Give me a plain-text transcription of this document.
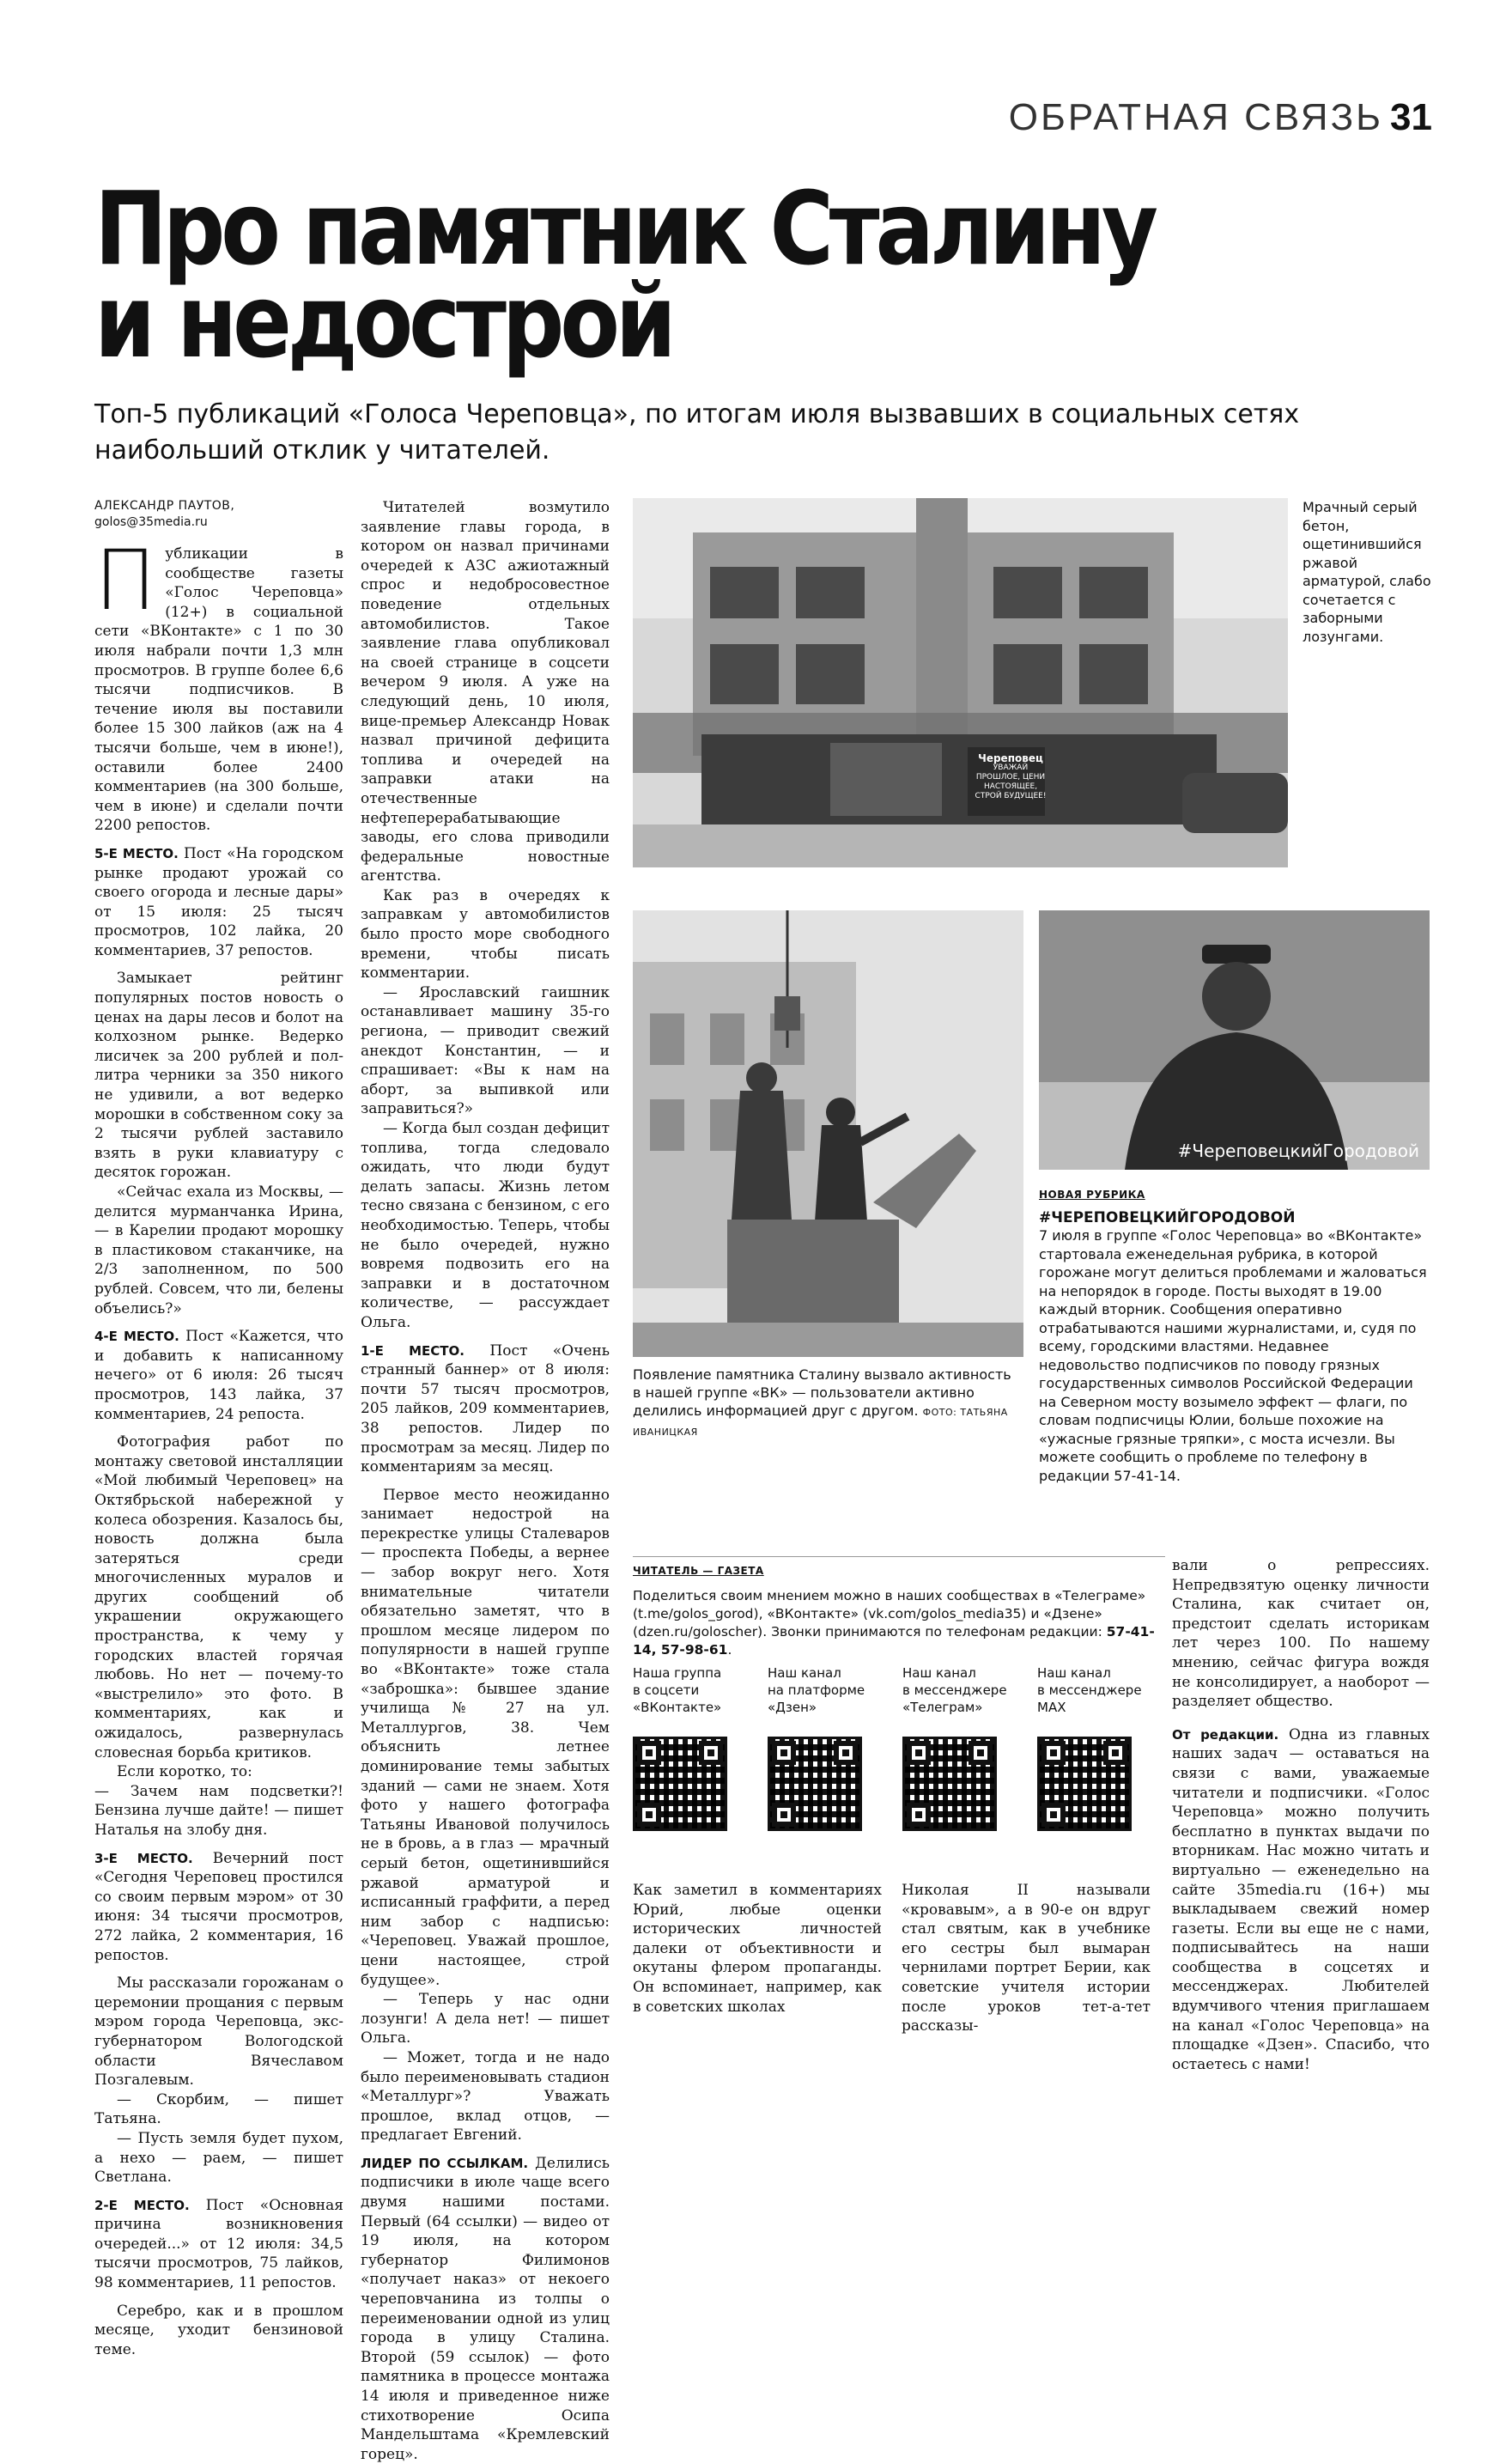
ОБРАТНАЯ СВЯЗЬ 31
Про памятник Сталину
и недострой
Топ-5 публикаций «Голоса Череповца», по итогам июля вызвавших в социальных сетях наибольший отклик у читателей.
АЛЕКСАНДР ПАУТОВ,
golos@35media.ru

Публикации в сообществе газеты «Голос Череповца» (12+) в социальной сети «ВКонтакте» с 1 по 30 июля набрали почти 1,3 млн просмотров. В группе более 6,6 тысячи подписчиков. В течение июля вы поставили более 15 300 лайков (аж на 4 тысячи больше, чем в июне!), оставили более 2400 комментариев (на 300 больше, чем в июне) и сделали почти 2200 репостов.

5-Е МЕСТО. Пост «На городском рынке продают урожай со своего огорода и лесные дары» от 15 июля: 25 тысяч просмотров, 102 лайка, 20 комментариев, 37 репостов.

Замыкает рейтинг популярных постов новость о ценах на дары лесов и болот на колхозном рынке. Ведерко лисичек за 200 рублей и пол-литра черники за 350 никого не удивили, а вот ведерко морошки в собственном соку за 2 тысячи рублей заставило взять в руки клавиатуру с десяток горожан.

«Сейчас ехала из Москвы, — делится мурманчанка Ирина, — в Карелии продают морошку в пластиковом стаканчике, на 2/3 заполненном, по 500 рублей. Совсем, что ли, белены объелись?»

4-Е МЕСТО. Пост «Кажется, что и добавить к написанному нечего» от 6 июля: 26 тысяч просмотров, 143 лайка, 37 комментариев, 24 репоста.

Фотография работ по монтажу световой инсталляции «Мой любимый Череповец» на Октябрьской набережной у колеса обозрения. Казалось бы, новость должна была затеряться среди многочисленных муралов и других сообщений об украшении окружающего пространства, к чему у городских властей горячая любовь. Но нет — почему-то «выстрелило» это фото. В комментариях, как и ожидалось, развернулась словесная борьба критиков.

Если коротко, то:

— Зачем нам подсветки?! Бензина лучше дайте! — пишет Наталья на злобу дня.

3-Е МЕСТО. Вечерний пост «Сегодня Череповец простился со своим первым мэром» от 30 июня: 34 тысячи просмотров, 272 лайка, 2 комментария, 16 репостов.

Мы рассказали горожанам о церемонии прощания с первым мэром города Череповца, экс-губернатором Вологодской области Вячеславом Позгалевым.

— Скорбим, — пишет Татьяна.

— Пусть земля будет пухом, а нехо — раем, — пишет Светлана.

2-Е МЕСТО. Пост «Основная причина возникновения очередей...» от 12 июля: 34,5 тысячи просмотров, 75 лайков, 98 комментариев, 11 репостов.

Серебро, как и в прошлом месяце, уходит бензиновой теме.

Читателей возмутило заявление главы города, в котором он назвал причинами очередей к АЗС ажиотажный спрос и недобросовестное поведение отдельных автомобилистов. Такое заявление глава опубликовал на своей странице в соцсети вечером 9 июля. А уже на следующий день, 10 июля, вице-премьер Александр Новак назвал причиной дефицита топлива и очередей на заправки атаки на отечественные нефтеперерабатывающие заводы, его слова приводили федеральные новостные агентства.

Как раз в очередях к заправкам у автомобилистов было просто море свободного времени, чтобы писать комментарии.

— Ярославский гаишник останавливает машину 35-го региона, — приводит свежий анекдот Константин, — и спрашивает: «Вы к нам на аборт, за выпивкой или заправиться?»

— Когда был создан дефицит топлива, тогда следовало ожидать, что люди будут делать запасы. Жизнь летом тесно связана с бензином, с его необходимостью. Теперь, чтобы не было очередей, нужно вовремя подвозить его на заправки и в достаточном количестве, — рассуждает Ольга.

1-Е МЕСТО. Пост «Очень странный баннер» от 8 июля: почти 57 тысяч просмотров, 205 лайков, 209 комментариев, 38 репостов. Лидер по просмотрам за месяц. Лидер по комментариям за месяц.

Первое место неожиданно занимает недострой на перекрестке улицы Сталеваров — проспекта Победы, а вернее — забор вокруг него. Хотя внимательные читатели обязательно заметят, что в прошлом месяце лидером по популярности в нашей группе во «ВКонтакте» тоже стала «заброшка»: бывшее здание училища № 27 на ул. Металлургов, 38. Чем объяснить летнее доминирование темы забытых зданий — сами не знаем. Хотя фото у нашего фотографа Татьяны Ивановой получилось не в бровь, а в глаз — мрачный серый бетон, ощетинившийся ржавой арматурой и исписанный граффити, а перед ним забор с надписью: «Череповец. Уважай прошлое, цени настоящее, строй будущее».

— Теперь у нас одни лозунги! А дела нет! — пишет Ольга.

— Может, тогда и не надо было переименовывать стадион «Металлург»? Уважать прошлое, вклад отцов, — предлагает Евгений.

ЛИДЕР ПО ССЫЛКАМ. Делились подписчики в июле чаще всего двумя нашими постами. Первый (64 ссылки) — видео от 19 июля, на котором губернатор Филимонов «получает наказ» от некоего череповчанина из толпы о переименовании одной из улиц города в улицу Сталина. Второй (59 ссылок) — фото памятника в процессе монтажа 14 июля и приведенное ниже стихотворение Осипа Мандельштама «Кремлевский горец».

Череповец
УВАЖАЙ ПРОШЛОЕ, ЦЕНИ НАСТОЯЩЕЕ, СТРОЙ БУДУЩЕЕ!
Мрачный серый бетон, ощетинившийся ржавой арматурой, слабо сочетается с заборными лозунгами.
Появление памятника Сталину вызвало активность в нашей группе «ВК» — пользователи активно делились информацией друг с другом. ФОТО: ТАТЬЯНА ИВАНИЦКАЯ
#ЧереповецкийГородовой
НОВАЯ РУБРИКА
#ЧЕРЕПОВЕЦКИЙГОРОДОВОЙ
7 июля в группе «Голос Череповца» во «ВКонтакте» стартовала еженедельная рубрика, в которой горожане могут делиться проблемами и жаловаться на непорядок в городе. Посты выходят в 19.00 каждый вторник. Сообщения оперативно отрабатываются нашими журналистами, и, судя по всему, городскими властями. Недавнее недовольство подписчиков по поводу грязных государственных символов Российской Федерации на Северном мосту возымело эффект — флаги, по словам подписчицы Юлии, больше похожие на «ужасные грязные тряпки», с моста исчезли. Вы можете сообщить о проблеме по телефону в редакции 57-41-14.
ЧИТАТЕЛЬ — ГАЗЕТА
Поделиться своим мнением можно в наших сообществах в «Телеграме» (t.me/golos_gorod), «ВКонтакте» (vk.com/golos_media35) и «Дзене» (dzen.ru/goloscher). Звонки принимаются по телефонам редакции: 57-41-14, 57-98-61.
Наша группа
в соцсети
«ВКонтакте»
Наш канал
на платформе
«Дзен»
Наш канал
в мессенджере
«Телеграм»
Наш канал
в мессенджере
MAX

Как заметил в комментариях Юрий, любые оценки исторических личностей далеки от объективности и окутаны флером пропаганды. Он вспоминает, например, как в советских школах

Николая II называли «кровавым», а в 90-е он вдруг стал святым, как в учебнике его сестры был вымаран чернилами портрет Берии, как советские учителя истории после уроков тет-а-тет рассказы-

вали о репрессиях. Непредвзятую оценку личности Сталина, как считает он, предстоит сделать историкам лет через 100. По нашему мнению, сейчас фигура вождя не консолидирует, а наоборот — разделяет общество.

От редакции. Одна из главных наших задач — оставаться на связи с вами, уважаемые читатели и подписчики. «Голос Череповца» можно получить бесплатно в пунктах выдачи по вторникам. Нас можно читать и виртуально — еженедельно на сайте 35media.ru (16+) мы выкладываем свежий номер газеты. Если вы еще не с нами, подписывайтесь на наши сообщества в соцсетях и мессенджерах. Любителей вдумчивого чтения приглашаем на канал «Голос Череповца» на площадке «Дзен». Спасибо, что остаетесь с нами!
